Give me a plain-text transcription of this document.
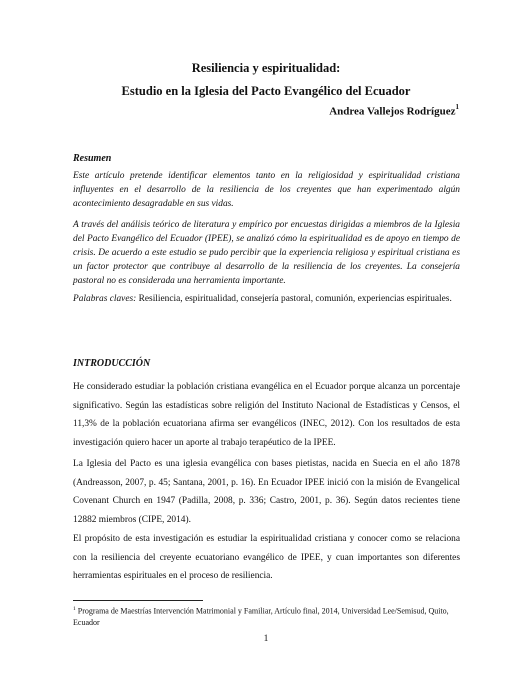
Resiliencia y espiritualidad:
Estudio en la Iglesia del Pacto Evangélico del Ecuador
Andrea Vallejos Rodríguez$^1$
Resumen

Este artículo pretende identificar elementos tanto en la religiosidad y espiritualidad cristiana influyentes en el desarrollo de la resiliencia de los creyentes que han experimentado algún acontecimiento desagradable en sus vidas.

A través del análisis teórico de literatura y empírico por encuestas dirigidas a miembros de la Iglesia del Pacto Evangélico del Ecuador (IPEE), se analizó cómo la espiritualidad es de apoyo en tiempo de crisis. De acuerdo a este estudio se pudo percibir que la experiencia religiosa y espiritual cristiana es un factor protector que contribuye al desarrollo de la resiliencia de los creyentes. La consejería pastoral no es considerada una herramienta importante.

Palabras claves: Resiliencia, espiritualidad, consejería pastoral, comunión, experiencias espirituales.

INTRODUCCIÓN

He considerado estudiar la población cristiana evangélica en el Ecuador porque alcanza un porcentaje significativo. Según las estadísticas sobre religión del Instituto Nacional de Estadísticas y Censos, el 11,3% de la población ecuatoriana afirma ser evangélicos (INEC, 2012). Con los resultados de esta investigación quiero hacer un aporte al trabajo terapéutico de la IPEE.

La Iglesia del Pacto es una iglesia evangélica con bases pietistas, nacida en Suecia en el año 1878 (Andreasson, 2007, p. 45; Santana, 2001, p. 16). En Ecuador IPEE inició con la misión de Evangelical Covenant Church en 1947 (Padilla, 2008, p. 336; Castro, 2001, p. 36). Según datos recientes tiene 12882 miembros (CIPE, 2014).

El propósito de esta investigación es estudiar la espiritualidad cristiana y conocer como se relaciona con la resiliencia del creyente ecuatoriano evangélico de IPEE, y cuan importantes son diferentes herramientas espirituales en el proceso de resiliencia.

$^1$ Programa de Maestrías Intervención Matrimonial y Familiar, Artículo final, 2014, Universidad Lee/Semisud, Quito, Ecuador
1
